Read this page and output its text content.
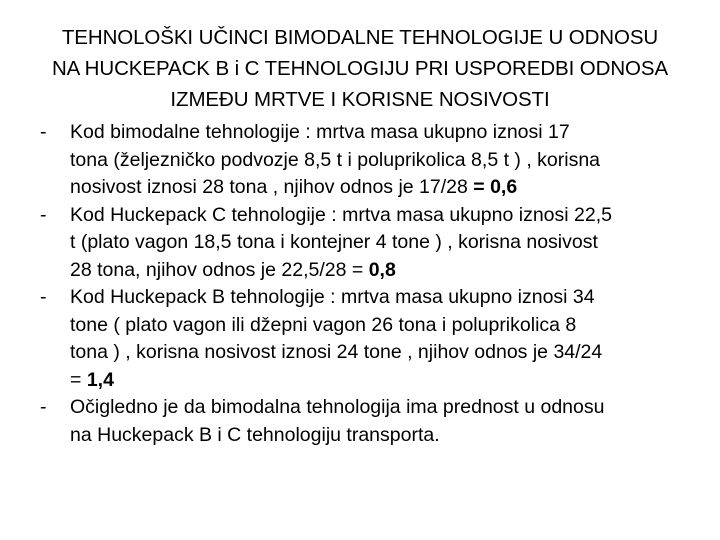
TEHNOLOŠKI UČINCI BIMODALNE TEHNOLOGIJE U ODNOSU
NA HUCKEPACK B i C TEHNOLOGIJU PRI USPOREDBI ODNOSA
IZMEĐU MRTVE I KORISNE NOSIVOSTI
-	Kod bimodalne tehnologije : mrtva masa ukupno iznosi 17
tona (željezničko podvozje 8,5 t i poluprikolica 8,5 t ) , korisna
nosivost iznosi 28 tona , njihov odnos je 17/28 = 0,6
-	Kod Huckepack C tehnologije : mrtva masa ukupno iznosi 22,5
t (plato vagon 18,5 tona i kontejner 4 tone ) , korisna nosivost
28 tona, njihov odnos je 22,5/28 = 0,8
-	Kod Huckepack B tehnologije : mrtva masa ukupno iznosi 34
tone ( plato vagon ili džepni vagon 26 tona i poluprikolica 8
tona ) , korisna nosivost iznosi 24 tone , njihov odnos je 34/24
= 1,4
-	Očigledno je da bimodalna tehnologija ima prednost u odnosu
na Huckepack B i C tehnologiju transporta.
